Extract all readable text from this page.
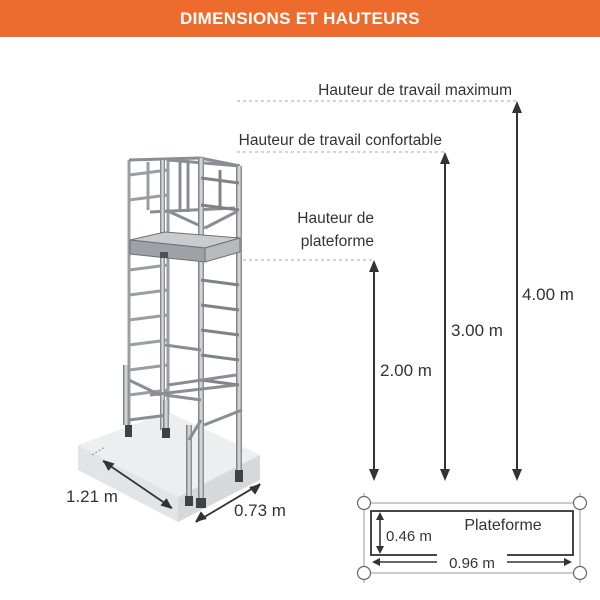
DIMENSIONS ET HAUTEURS
1.21 m
0.73 m
Hauteur de travail maximum
4.00 m
Hauteur de travail confortable
3.00 m
Hauteur de
plateforme
2.00 m
Plateforme
0.46 m
0.96 m
